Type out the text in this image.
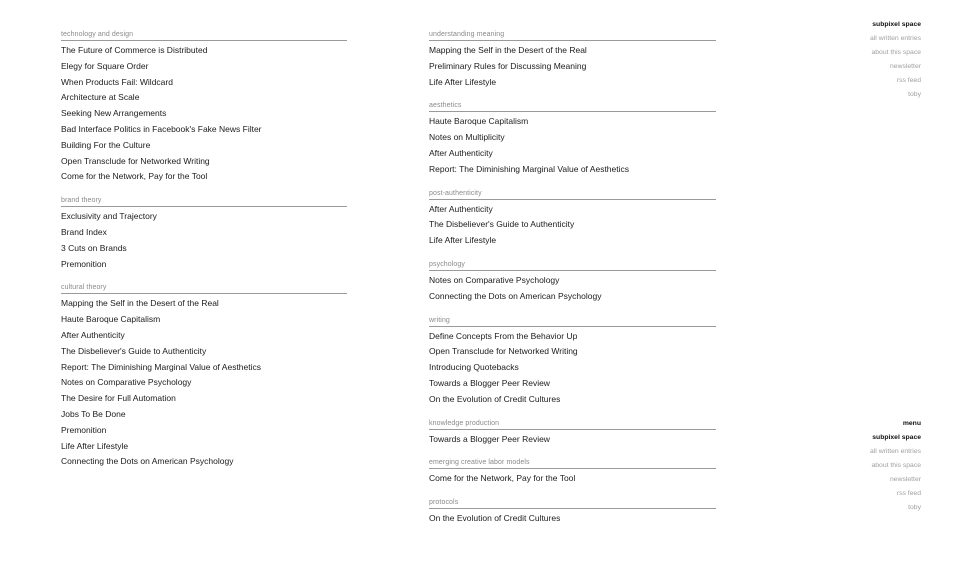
technology and design
The Future of Commerce is Distributed
Elegy for Square Order
When Products Fail: Wildcard
Architecture at Scale
Seeking New Arrangements
Bad Interface Politics in Facebook's Fake News Filter
Building For the Culture
Open Transclude for Networked Writing
Come for the Network, Pay for the Tool
brand theory
Exclusivity and Trajectory
Brand Index
3 Cuts on Brands
Premonition
cultural theory
Mapping the Self in the Desert of the Real
Haute Baroque Capitalism
After Authenticity
The Disbeliever's Guide to Authenticity
Report: The Diminishing Marginal Value of Aesthetics
Notes on Comparative Psychology
The Desire for Full Automation
Jobs To Be Done
Premonition
Life After Lifestyle
Connecting the Dots on American Psychology
understanding meaning
Mapping the Self in the Desert of the Real
Preliminary Rules for Discussing Meaning
Life After Lifestyle
aesthetics
Haute Baroque Capitalism
Notes on Multiplicity
After Authenticity
Report: The Diminishing Marginal Value of Aesthetics
post-authenticity
After Authenticity
The Disbeliever's Guide to Authenticity
Life After Lifestyle
psychology
Notes on Comparative Psychology
Connecting the Dots on American Psychology
writing
Define Concepts From the Behavior Up
Open Transclude for Networked Writing
Introducing Quotebacks
Towards a Blogger Peer Review
On the Evolution of Credit Cultures
knowledge production
Towards a Blogger Peer Review
emerging creative labor models
Come for the Network, Pay for the Tool
protocols
On the Evolution of Credit Cultures
subpixel space
all written entries
about this space
newsletter
rss feed
toby
menu
subpixel space
all written entries
about this space
newsletter
rss feed
toby
